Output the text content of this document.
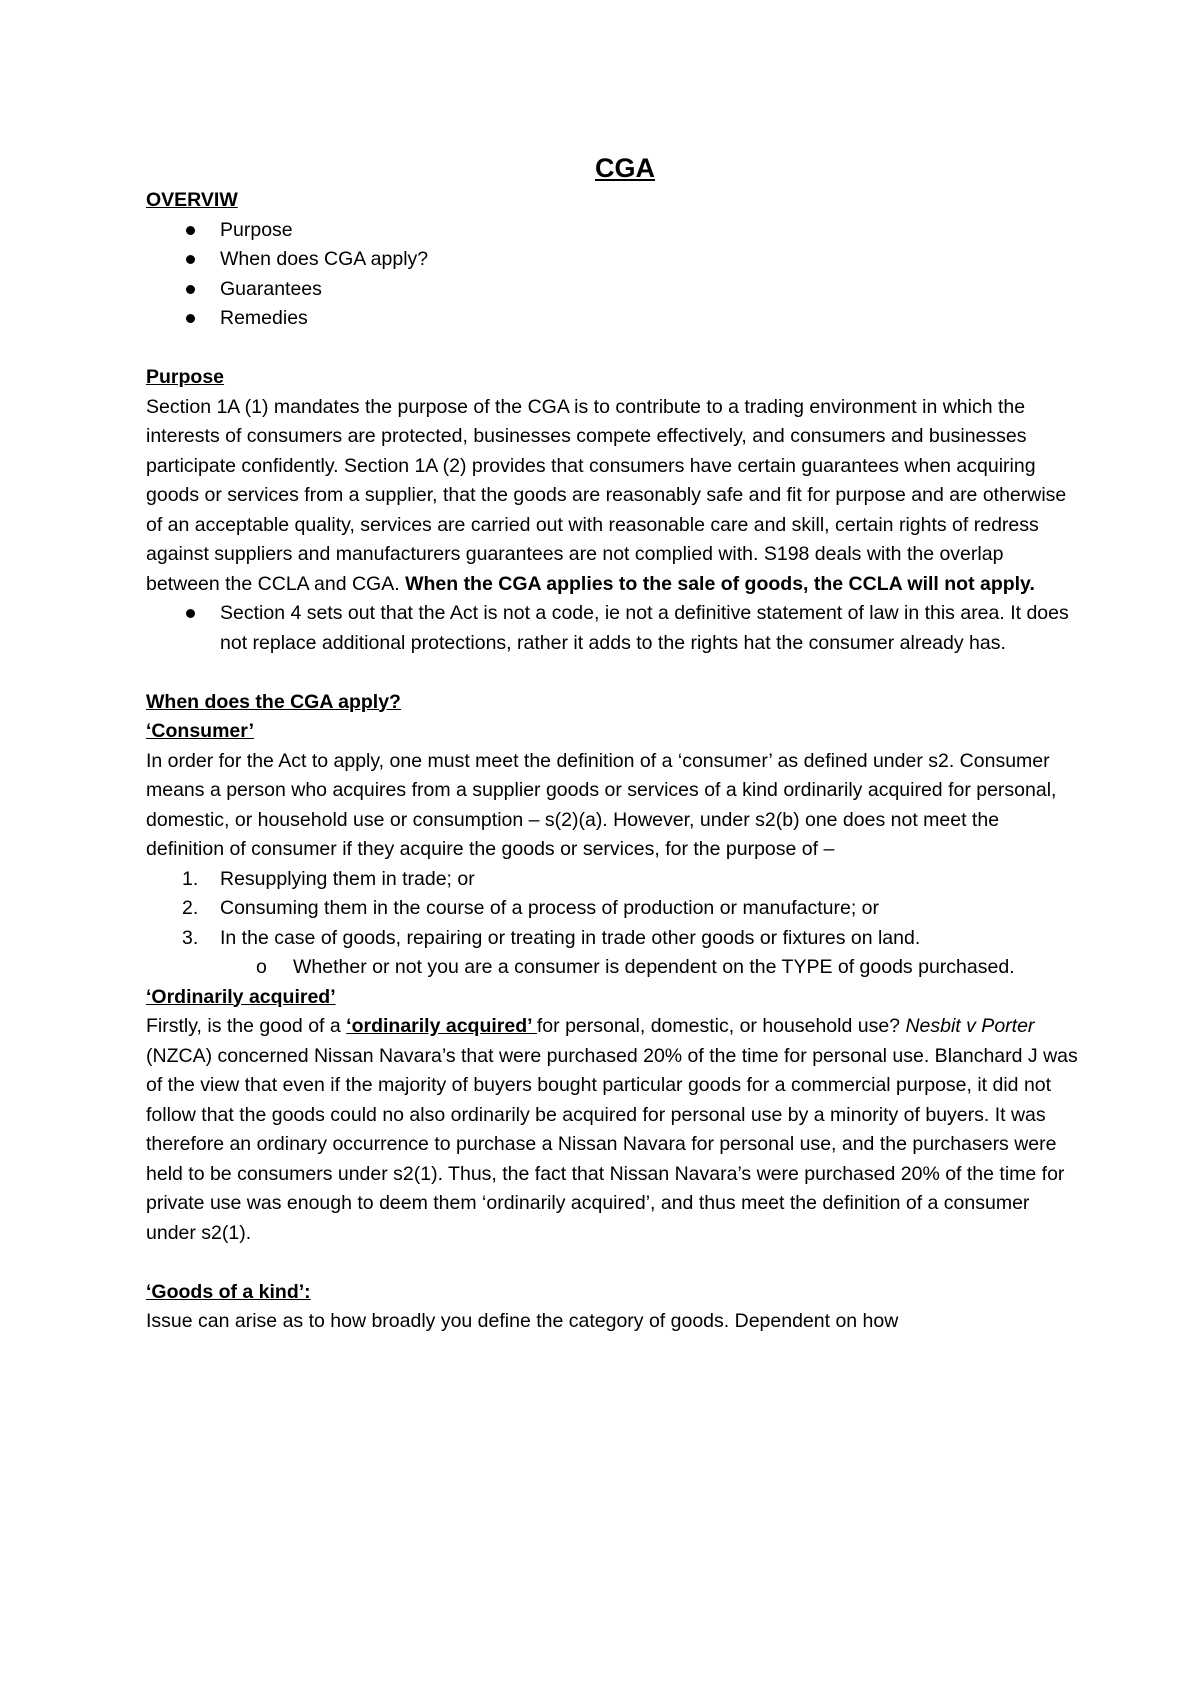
CGA

OVERVIW

Purpose
When does CGA apply?
Guarantees
Remedies

Purpose

Section 1A (1) mandates the purpose of the CGA is to contribute to a trading environment in which the interests of consumers are protected, businesses compete effectively, and consumers and businesses participate confidently. Section 1A (2) provides that consumers have certain guarantees when acquiring goods or services from a supplier, that the goods are reasonably safe and fit for purpose and are otherwise of an acceptable quality, services are carried out with reasonable care and skill, certain rights of redress against suppliers and manufacturers guarantees are not complied with. S198 deals with the overlap between the CCLA and CGA. When the CGA applies to the sale of goods, the CCLA will not apply.

Section 4 sets out that the Act is not a code, ie not a definitive statement of law in this area. It does not replace additional protections, rather it adds to the rights hat the consumer already has.

When does the CGA apply?

‘Consumer’

In order for the Act to apply, one must meet the definition of a ‘consumer’ as defined under s2. Consumer means a person who acquires from a supplier goods or services of a kind ordinarily acquired for personal, domestic, or household use or consumption – s(2)(a). However, under s2(b) one does not meet the definition of consumer if they acquire the goods or services, for the purpose of –

1. Resupplying them in trade; or
2. Consuming them in the course of a process of production or manufacture; or
3. In the case of goods, repairing or treating in trade other goods or fixtures on land.
o Whether or not you are a consumer is dependent on the TYPE of goods purchased.

‘Ordinarily acquired’

Firstly, is the good of a ‘ordinarily acquired’ for personal, domestic, or household use? Nesbit v Porter (NZCA) concerned Nissan Navara’s that were purchased 20% of the time for personal use. Blanchard J was of the view that even if the majority of buyers bought particular goods for a commercial purpose, it did not follow that the goods could no also ordinarily be acquired for personal use by a minority of buyers. It was therefore an ordinary occurrence to purchase a Nissan Navara for personal use, and the purchasers were held to be consumers under s2(1). Thus, the fact that Nissan Navara’s were purchased 20% of the time for private use was enough to deem them ‘ordinarily acquired’, and thus meet the definition of a consumer under s2(1).

‘Goods of a kind’:

Issue can arise as to how broadly you define the category of goods. Dependent on how
